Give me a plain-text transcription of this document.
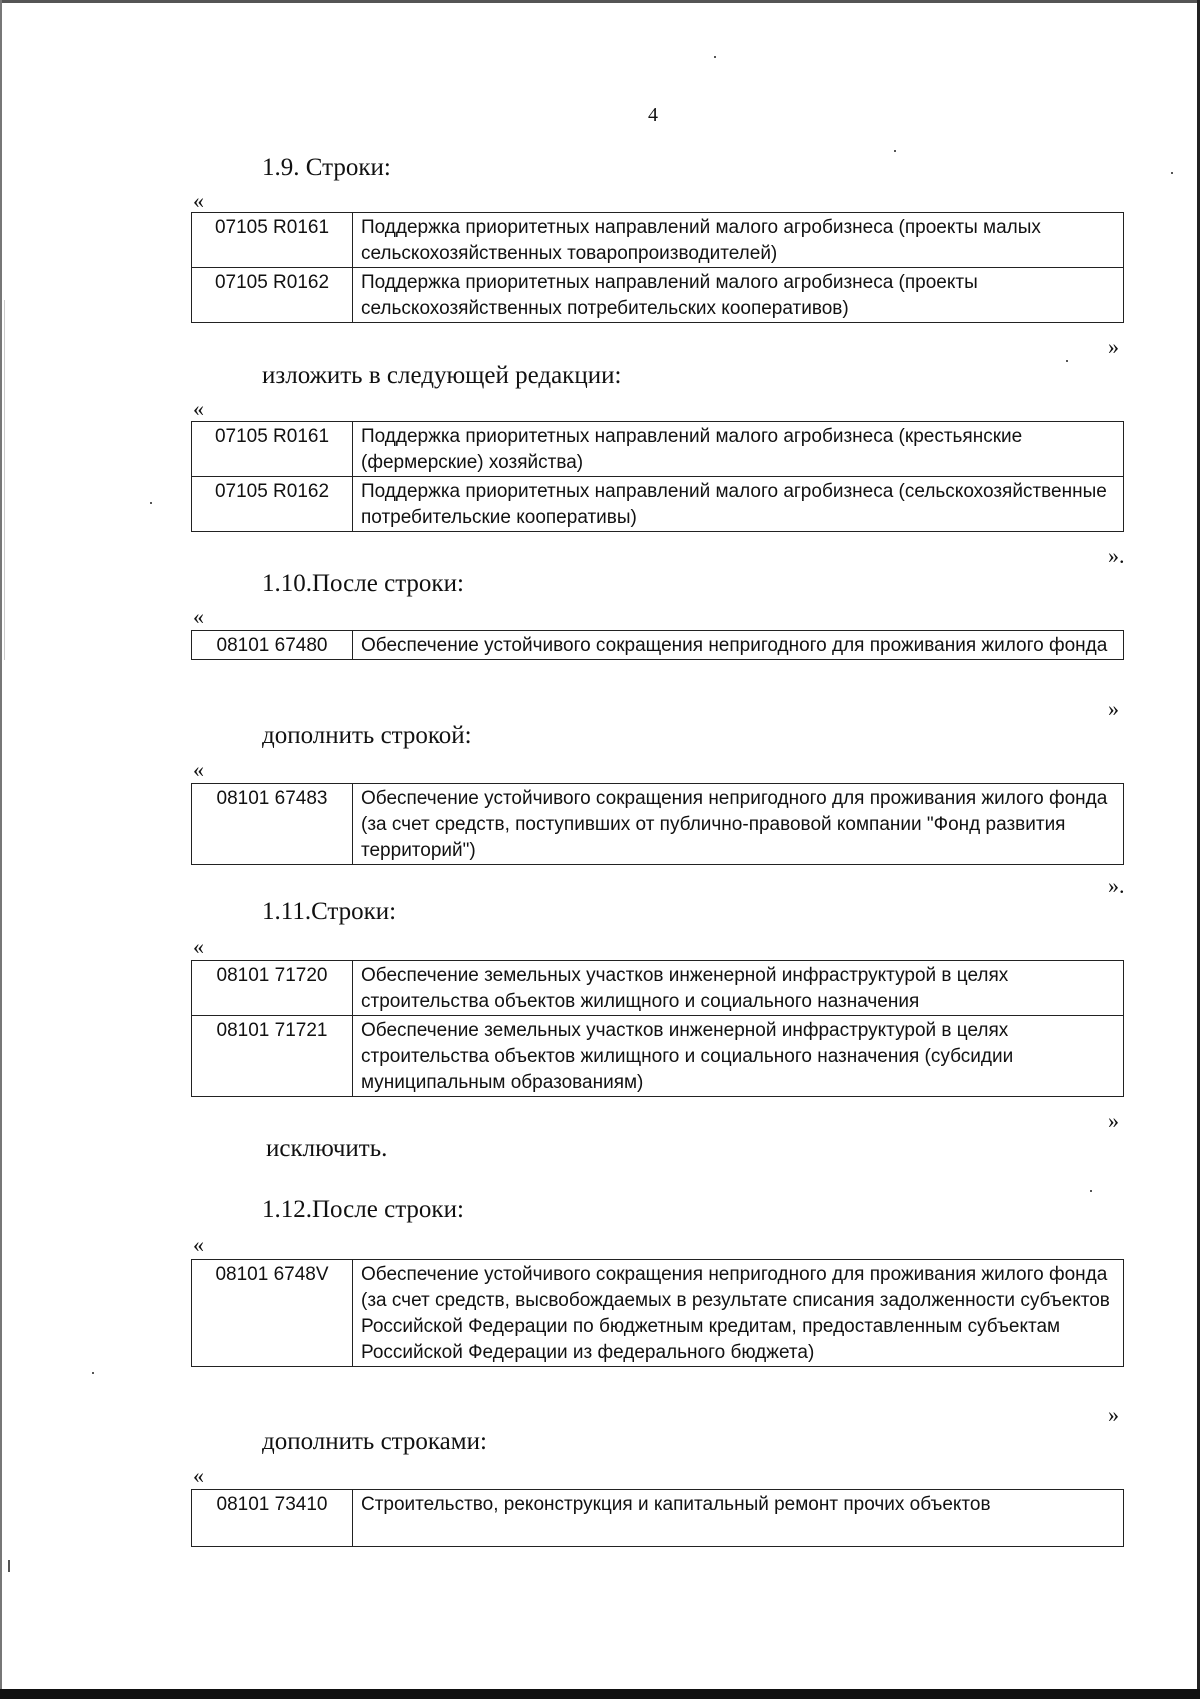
4
1.9. Строки:
«
07105 R0161	Поддержка приоритетных направлений малого агробизнеса (проекты малых сельскохозяйственных товаропроизводителей)
07105 R0162	Поддержка приоритетных направлений малого агробизнеса (проекты сельскохозяйственных потребительских кооперативов)
»
изложить в следующей редакции:
«
07105 R0161	Поддержка приоритетных направлений малого агробизнеса (крестьянские (фермерские) хозяйства)
07105 R0162	Поддержка приоритетных направлений малого агробизнеса (сельскохозяйственные потребительские кооперативы)
».
1.10.После строки:
«
08101 67480	Обеспечение устойчивого сокращения непригодного для проживания жилого фонда
»
дополнить строкой:
«
08101 67483	Обеспечение устойчивого сокращения непригодного для проживания жилого фонда (за счет средств, поступивших от публично-правовой компании "Фонд развития территорий")
».
1.11.Строки:
«
08101 71720	Обеспечение земельных участков инженерной инфраструктурой в целях строительства объектов жилищного и социального назначения
08101 71721	Обеспечение земельных участков инженерной инфраструктурой в целях строительства объектов жилищного и социального назначения (субсидии муниципальным образованиям)
»
исключить.
1.12.После строки:
«
08101 6748V	Обеспечение устойчивого сокращения непригодного для проживания жилого фонда (за счет средств, высвобождаемых в результате списания задолженности субъектов Российской Федерации по бюджетным кредитам, предоставленным субъектам Российской Федерации из федерального бюджета)
»
дополнить строками:
«
08101 73410	Строительство, реконструкция и капитальный ремонт прочих объектов
